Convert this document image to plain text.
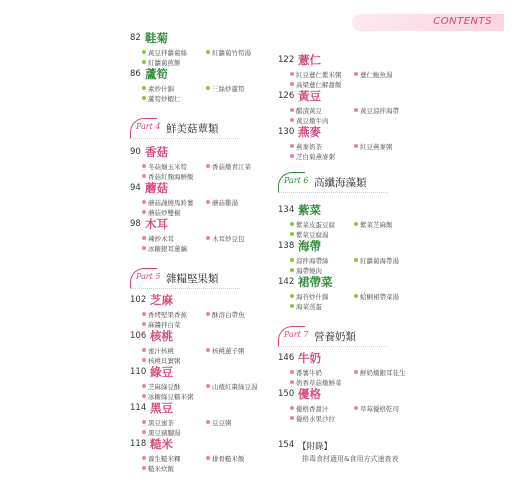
CONTENTS
82 鞋菊
黃豆拌蘿蔔絲	紅蘿蔔竹筍湯
紅蘿蔔煎餅
86 蘆筍
素炒什錦	三絲炒蘆筍
蘆筍炒蝦仁
Part 4 鮮美菇蕈類
90 香菇
冬菇燴玉米筍	香菇燉青江菜
香菇紅麴海鮮飯
94 蘑菇
蘑菇蔬燒馬鈴薯	蘑菇雞湯
蘑菇炒雙椒
98 木耳
辣炒木耳	木耳炒豆包
冰糖銀耳蓮藕
Part 5 雜糧堅果類
102 芝麻
香烤堅果香蕉	酥溶白帶魚
麻醬拌白菜
106 核桃
蜜汁核桃	核桃蓮子粥
核桃貝實粥
110 綠豆
芝麻綠豆酥	山楂紅棗綠豆湯
冰糖綠豆糯米粥
114 黑豆
黑豆蜜茶	豆豆粥
黑豆豬腳湯
118 糙米
養生糙米粿	排骨糙米飯
糙米炊飯
122 薏仁
紅豆薏仁紫米粥	薏仁鮑魚湯
高梁薏仁解甜飯
126 黃豆
醋漬黃豆	黃豆涼拌海帶
黃豆燉牛肉
130 燕麥
燕麥奶茶	紅豆燕麥粥
芝白菊燕麥粥
Part 6 高纖海藻類
134 紫菜
紫菜皮蛋豆腐	紫菜芝麻飯
紫菜豆腐湯
138 海帶
涼拌海帶絲	紅蘿蔔海帶湯
海帶燒肉
142 裙帶菜
海苔炒什錦	蛤蜊裙帶菜湯
海菜蒸蛋
Part 7 營養奶類
146 牛奶
番薯牛奶	鮮奶燉銀耳花生
奶香草菇燉鮮菜
150 優格
優格香甜汁	草莓優格乾司
優格水果沙拉
154 【附錄】
排毒食材適用&食用方式速查表
